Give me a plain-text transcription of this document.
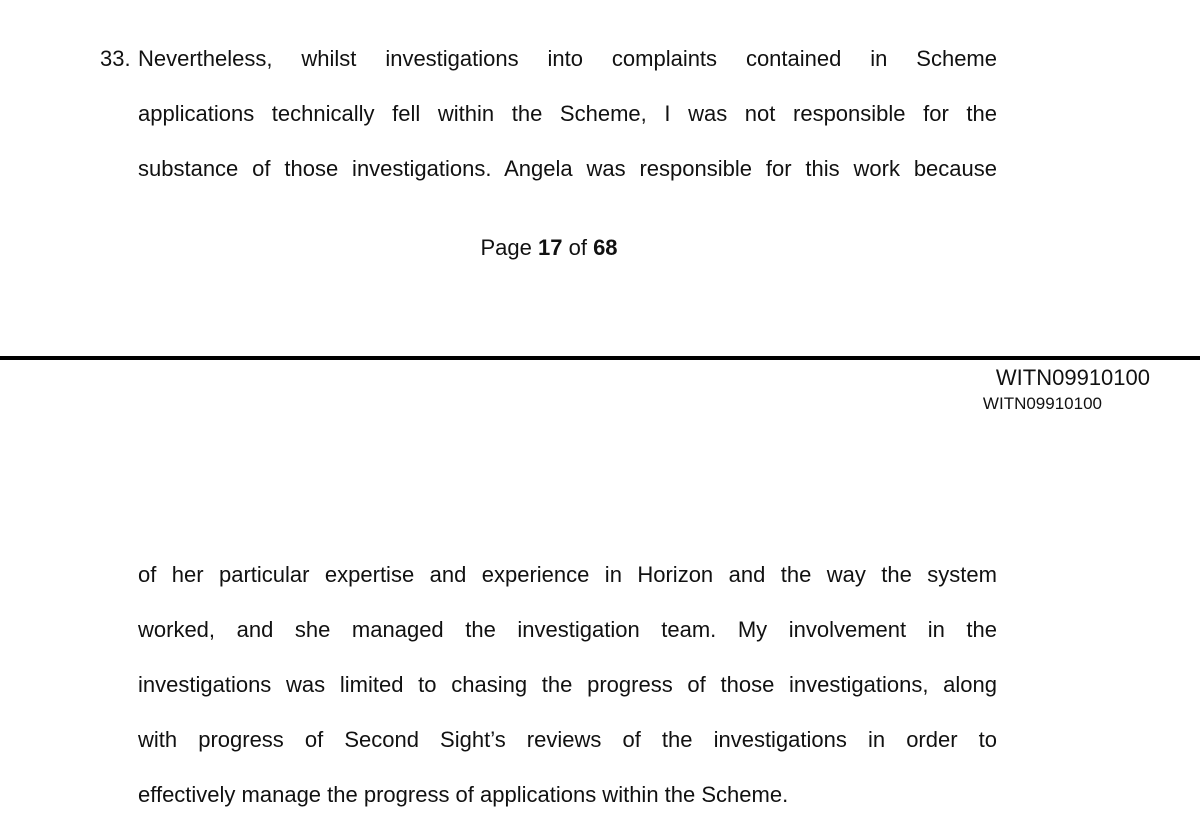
33. Nevertheless, whilst investigations into complaints contained in Scheme
applications technically fell within the Scheme, I was not responsible for the
substance of those investigations. Angela was responsible for this work because
Page 17 of 68
WITN09910100
WITN09910100
of her particular expertise and experience in Horizon and the way the system
worked, and she managed the investigation team. My involvement in the
investigations was limited to chasing the progress of those investigations, along
with progress of Second Sight’s reviews of the investigations in order to
effectively manage the progress of applications within the Scheme.
